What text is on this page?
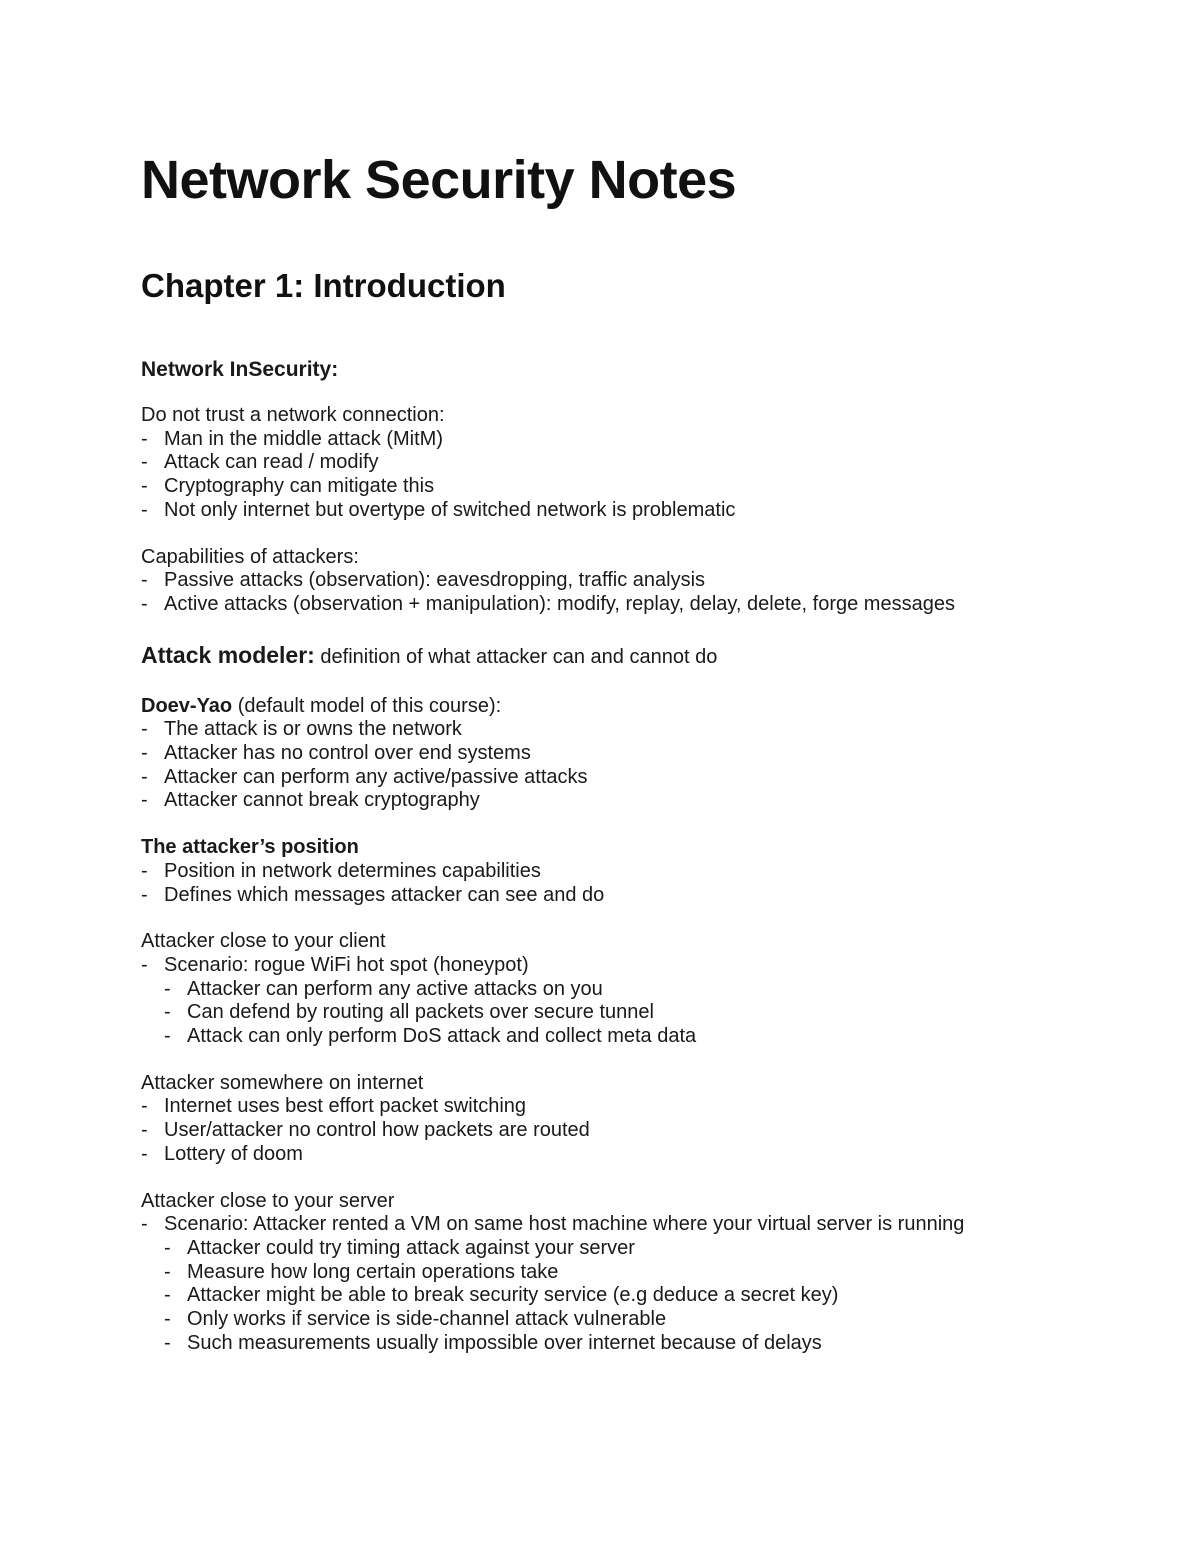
Network Security Notes
Chapter 1: Introduction
Network InSecurity:

Do not trust a network connection:

- Man in the middle attack (MitM)
- Attack can read / modify
- Cryptography can mitigate this
- Not only internet but overtype of switched network is problematic

Capabilities of attackers:

- Passive attacks (observation): eavesdropping, traffic analysis
- Active attacks (observation + manipulation): modify, replay, delay, delete, forge messages

Attack modeler: definition of what attacker can and cannot do

Doev-Yao (default model of this course):

- The attack is or owns the network
- Attacker has no control over end systems
- Attacker can perform any active/passive attacks
- Attacker cannot break cryptography

The attacker’s position

- Position in network determines capabilities
- Defines which messages attacker can see and do

Attacker close to your client

- Scenario: rogue WiFi hot spot (honeypot)
- Attacker can perform any active attacks on you
- Can defend by routing all packets over secure tunnel
- Attack can only perform DoS attack and collect meta data

Attacker somewhere on internet

- Internet uses best effort packet switching
- User/attacker no control how packets are routed
- Lottery of doom

Attacker close to your server

- Scenario: Attacker rented a VM on same host machine where your virtual server is running
- Attacker could try timing attack against your server
- Measure how long certain operations take
- Attacker might be able to break security service (e.g deduce a secret key)
- Only works if service is side-channel attack vulnerable
- Such measurements usually impossible over internet because of delays
